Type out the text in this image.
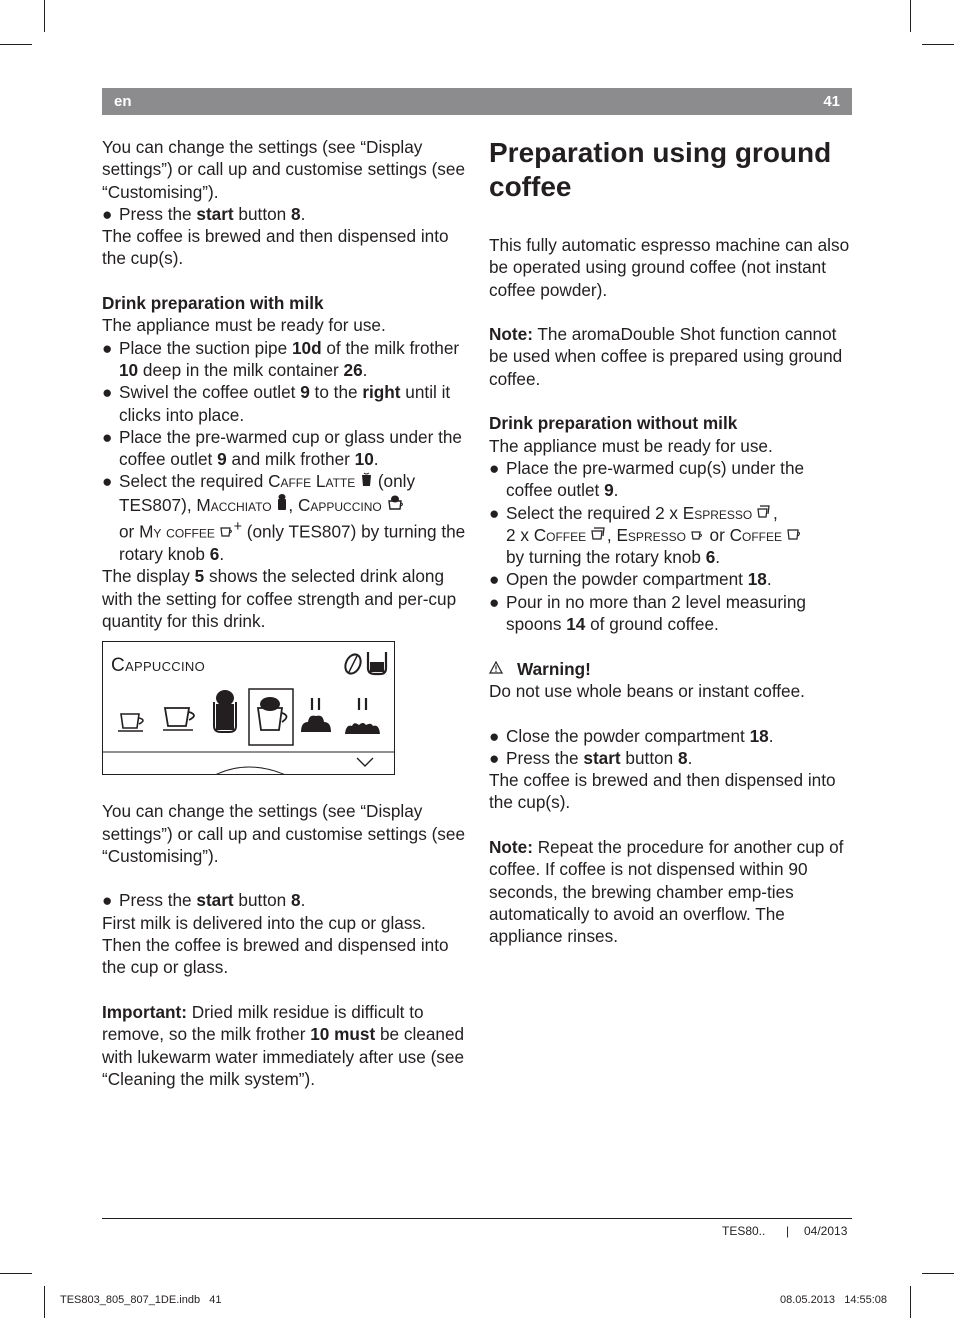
en	41

You can change the settings (see “Display settings”) or call up and customise settings (see “Customising”).

● Press the start button 8.

The coffee is brewed and then dispensed into the cup(s).

Drink preparation with milk

The appliance must be ready for use.

● Place the suction pipe 10d of the milk frother 10 deep in the milk container 26.
● Swivel the coffee outlet 9 to the right until it clicks into place.
● Place the pre-warmed cup or glass under the coffee outlet 9 and milk frother 10.
● Select the required Caffe Latte  (only TES807), Macchiato , Cappuccino
or My coffee + (only TES807) by turning the rotary knob 6.

The display 5 shows the selected drink along with the setting for coffee strength and per-cup quantity for this drink.

Cappuccino

You can change the settings (see “Display settings”) or call up and customise settings (see “Customising”).

● Press the start button 8.

First milk is delivered into the cup or glass. Then the coffee is brewed and dispensed into the cup or glass.

Important: Dried milk residue is difficult to remove, so the milk frother 10 must be cleaned with lukewarm water immediately after use (see “Cleaning the milk system”).

Preparation using ground coffee

This fully automatic espresso machine can also be operated using ground coffee (not instant coffee powder).

Note: The aromaDouble Shot function cannot be used when coffee is prepared using ground coffee.

Drink preparation without milk

The appliance must be ready for use.

● Place the pre-warmed cup(s) under the coffee outlet 9.
● Select the required 2 x Espresso ,
2 x Coffee , Espresso  or Coffee
by turning the rotary knob 6.
● Open the powder compartment 18.
● Pour in no more than 2 level measuring spoons 14 of ground coffee.
Warning!

Do not use whole beans or instant coffee.

● Close the powder compartment 18.
● Press the start button 8.

The coffee is brewed and then dispensed into the cup(s).

Note: Repeat the procedure for another cup of coffee. If coffee is not dispensed within 90 seconds, the brewing chamber emp-ties automatically to avoid an overflow. The appliance rinses.

TES80.. | 04/2013
TES803_805_807_1DE.indb   41	08.05.2013   14:55:08
